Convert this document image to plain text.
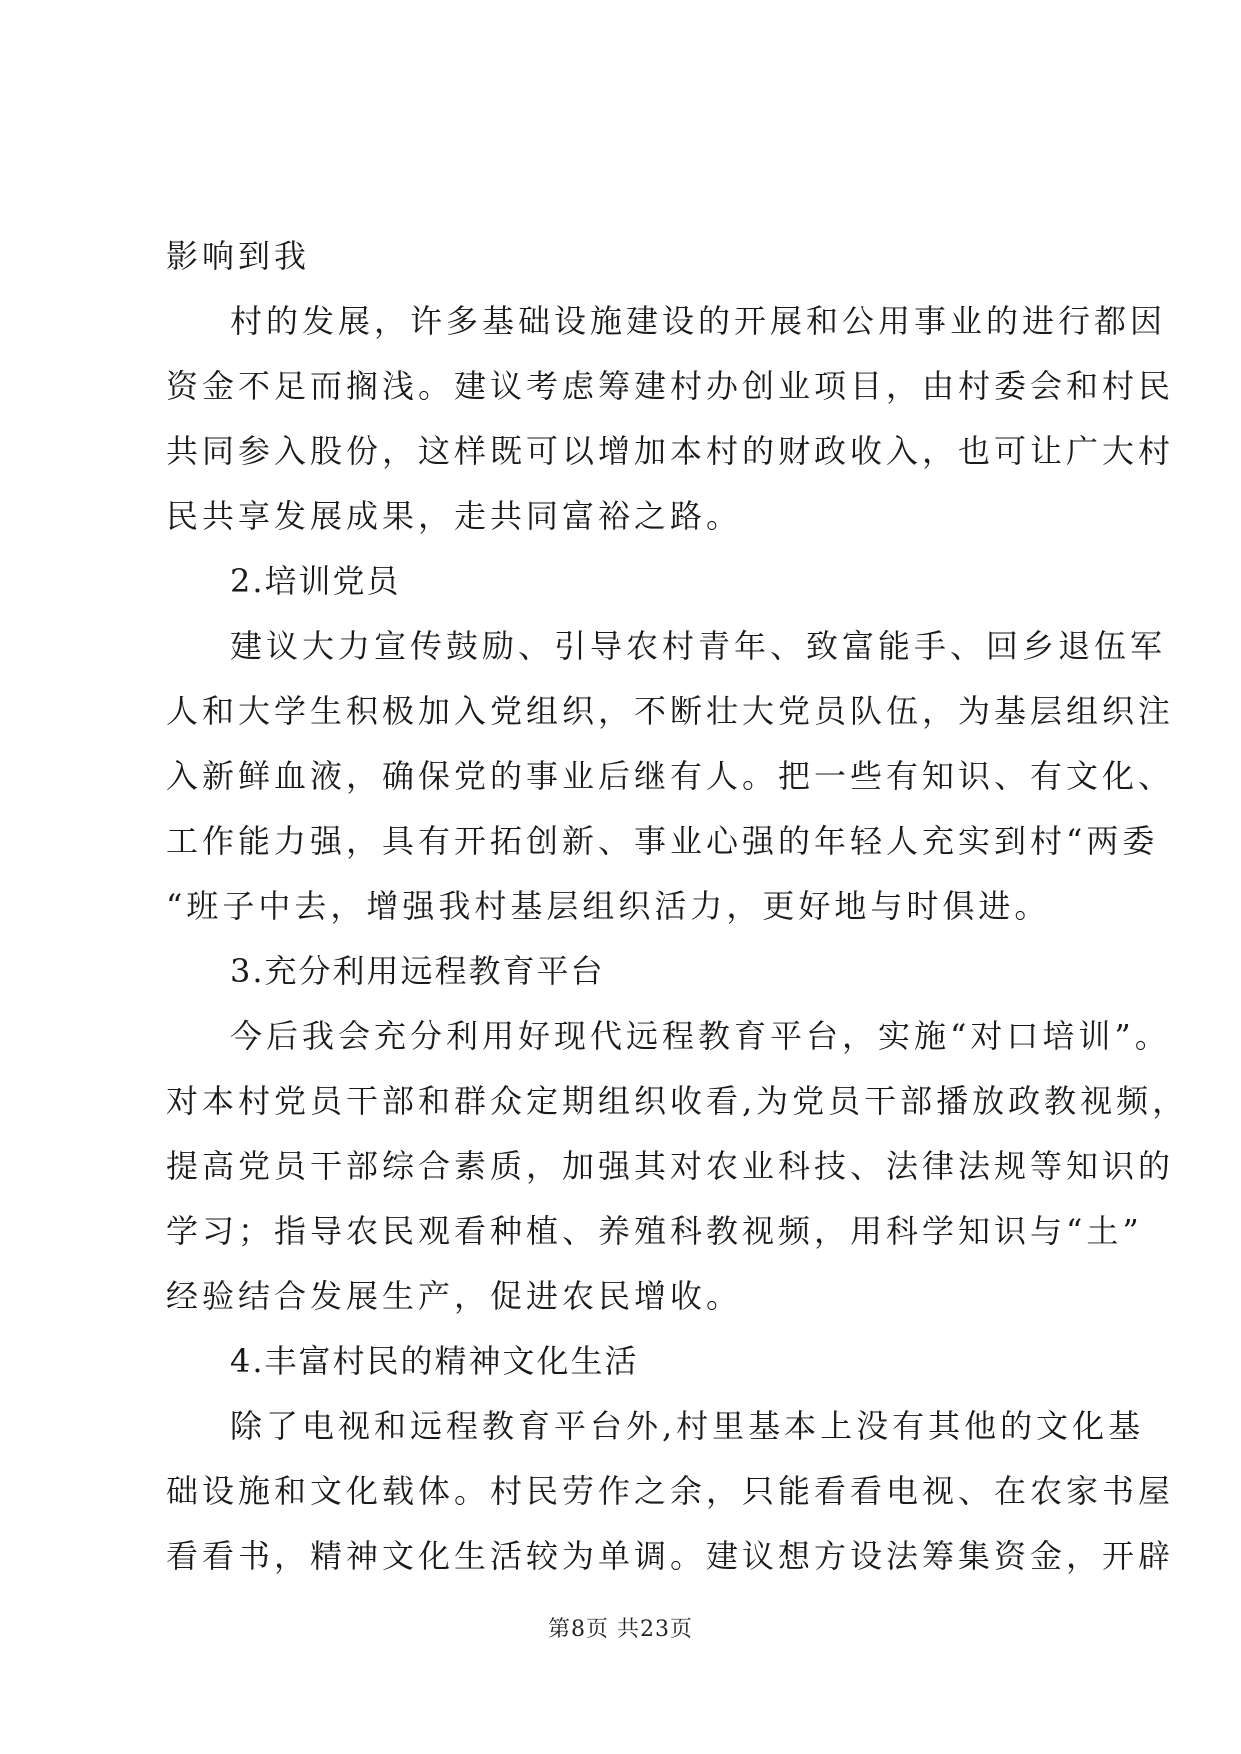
影响到我
村的发展，许多基础设施建设的开展和公用事业的进行都因
资金不足而搁浅。建议考虑筹建村办创业项目，由村委会和村民
共同参入股份，这样既可以增加本村的财政收入，也可让广大村
民共享发展成果，走共同富裕之路。
2.培训党员
建议大力宣传鼓励、引导农村青年、致富能手、回乡退伍军
人和大学生积极加入党组织，不断壮大党员队伍，为基层组织注
入新鲜血液，确保党的事业后继有人。把一些有知识、有文化、
工作能力强，具有开拓创新、事业心强的年轻人充实到村“两委
“班子中去，增强我村基层组织活力，更好地与时俱进。
3.充分利用远程教育平台
今后我会充分利用好现代远程教育平台，实施“对口培训”。
对本村党员干部和群众定期组织收看,为党员干部播放政教视频，
提高党员干部综合素质，加强其对农业科技、法律法规等知识的
学习；指导农民观看种植、养殖科教视频，用科学知识与“土”
经验结合发展生产，促进农民增收。
4.丰富村民的精神文化生活
除了电视和远程教育平台外,村里基本上没有其他的文化基
础设施和文化载体。村民劳作之余，只能看看电视、在农家书屋
看看书，精神文化生活较为单调。建议想方设法筹集资金，开辟
第8页 共23页
